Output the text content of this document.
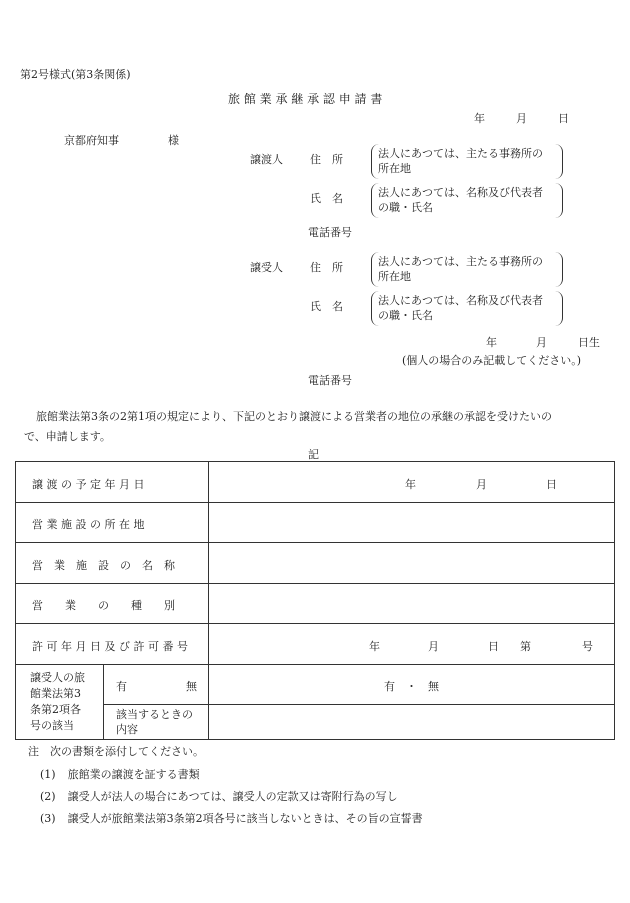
第2号様式(第3条関係)
旅 館 業 承 継 承 認 申 請 書
年	月	日
京都府知事	様
譲渡人 住　所	法人にあつては、主たる事務所の
所在地
氏　名	法人にあつては、名称及び代表者
の職・氏名
電話番号
譲受人 住　所	法人にあつては、主たる事務所の
所在地
氏　名	法人にあつては、名称及び代表者
の職・氏名
年	月	日生
(個人の場合のみ記載してください。)
電話番号
旅館業法第3条の2第1項の規定により、下記のとおり譲渡による営業者の地位の承継の承認を受けたいの
で、申請します。
記
譲 渡 の 予 定 年 月 日	年	月	日
営 業 施 設 の 所 在 地
営　業　施　設　の　名　称
営　　業　　の　　種　　別
許 可 年 月 日 及 び 許 可 番 号	年	月	日 第	号
譲受人の旅
館業法第3
条第2項各
号の該当
有	無	有　・　無
該当するときの
内容
注　次の書類を添付してください。
(1) 旅館業の譲渡を証する書類
(2) 譲受人が法人の場合にあつては、譲受人の定款又は寄附行為の写し
(3) 譲受人が旅館業法第3条第2項各号に該当しないときは、その旨の宣誓書
